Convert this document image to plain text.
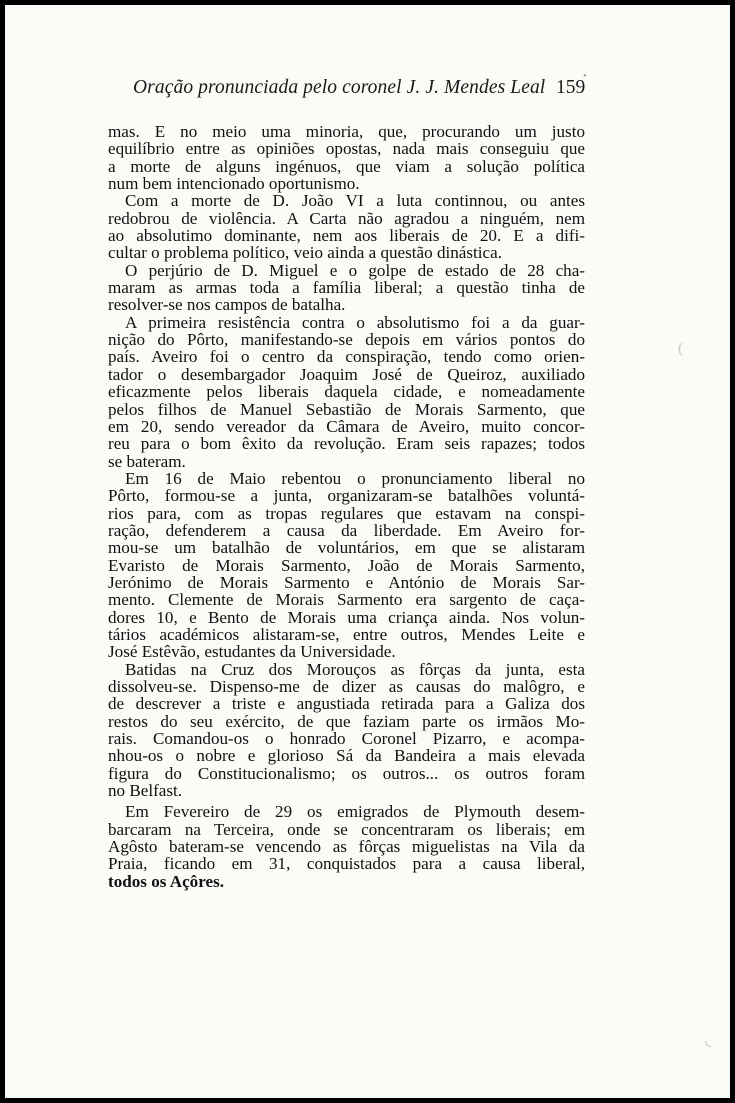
Oração pronunciada pelo coronel J. J. Mendes Leal 159
mas. E no meio uma minoria, que, procurando um justo
equilíbrio entre as opiniões opostas, nada mais conseguiu que
a morte de alguns ingénuos, que viam a solução política
num bem intencionado oportunismo.
Com a morte de D. João VI a luta continnou, ou antes
redobrou de violência. A Carta não agradou a ninguém, nem
ao absolutimo dominante, nem aos liberais de 20. E a difi-
cultar o problema político, veio ainda a questão dinástica.
O perjúrio de D. Miguel e o golpe de estado de 28 cha-
maram as armas toda a família liberal; a questão tinha de
resolver-se nos campos de batalha.
A primeira resistência contra o absolutismo foi a da guar-
nição do Pôrto, manifestando-se depois em vários pontos do
país. Aveiro foi o centro da conspiração, tendo como orien-
tador o desembargador Joaquim José de Queiroz, auxiliado
eficazmente pelos liberais daquela cidade, e nomeadamente
pelos filhos de Manuel Sebastião de Morais Sarmento, que
em 20, sendo vereador da Câmara de Aveiro, muito concor-
reu para o bom êxito da revolução. Eram seis rapazes; todos
se bateram.
Em 16 de Maio rebentou o pronunciamento liberal no
Pôrto, formou-se a junta, organizaram-se batalhões voluntá-
rios para, com as tropas regulares que estavam na conspi-
ração, defenderem a causa da liberdade. Em Aveiro for-
mou-se um batalhão de voluntários, em que se alistaram
Evaristo de Morais Sarmento, João de Morais Sarmento,
Jerónimo de Morais Sarmento e António de Morais Sar-
mento. Clemente de Morais Sarmento era sargento de caça-
dores 10, e Bento de Morais uma criança ainda. Nos volun-
tários académicos alistaram-se, entre outros, Mendes Leite e
José Estêvão, estudantes da Universidade.
Batidas na Cruz dos Morouços as fôrças da junta, esta
dissolveu-se. Dispenso-me de dizer as causas do malôgro, e
de descrever a triste e angustiada retirada para a Galiza dos
restos do seu exército, de que faziam parte os irmãos Mo-
rais. Comandou-os o honrado Coronel Pizarro, e acompa-
nhou-os o nobre e glorioso Sá da Bandeira a mais elevada
figura do Constitucionalismo; os outros... os outros foram
no Belfast.
Em Fevereiro de 29 os emigrados de Plymouth desem-
barcaram na Terceira, onde se concentraram os liberais; em
Agôsto bateram-se vencendo as fôrças miguelistas na Vila da
Praia, ficando em 31, conquistados para a causa liberal,
todos os Açôres.
•
(
◟
